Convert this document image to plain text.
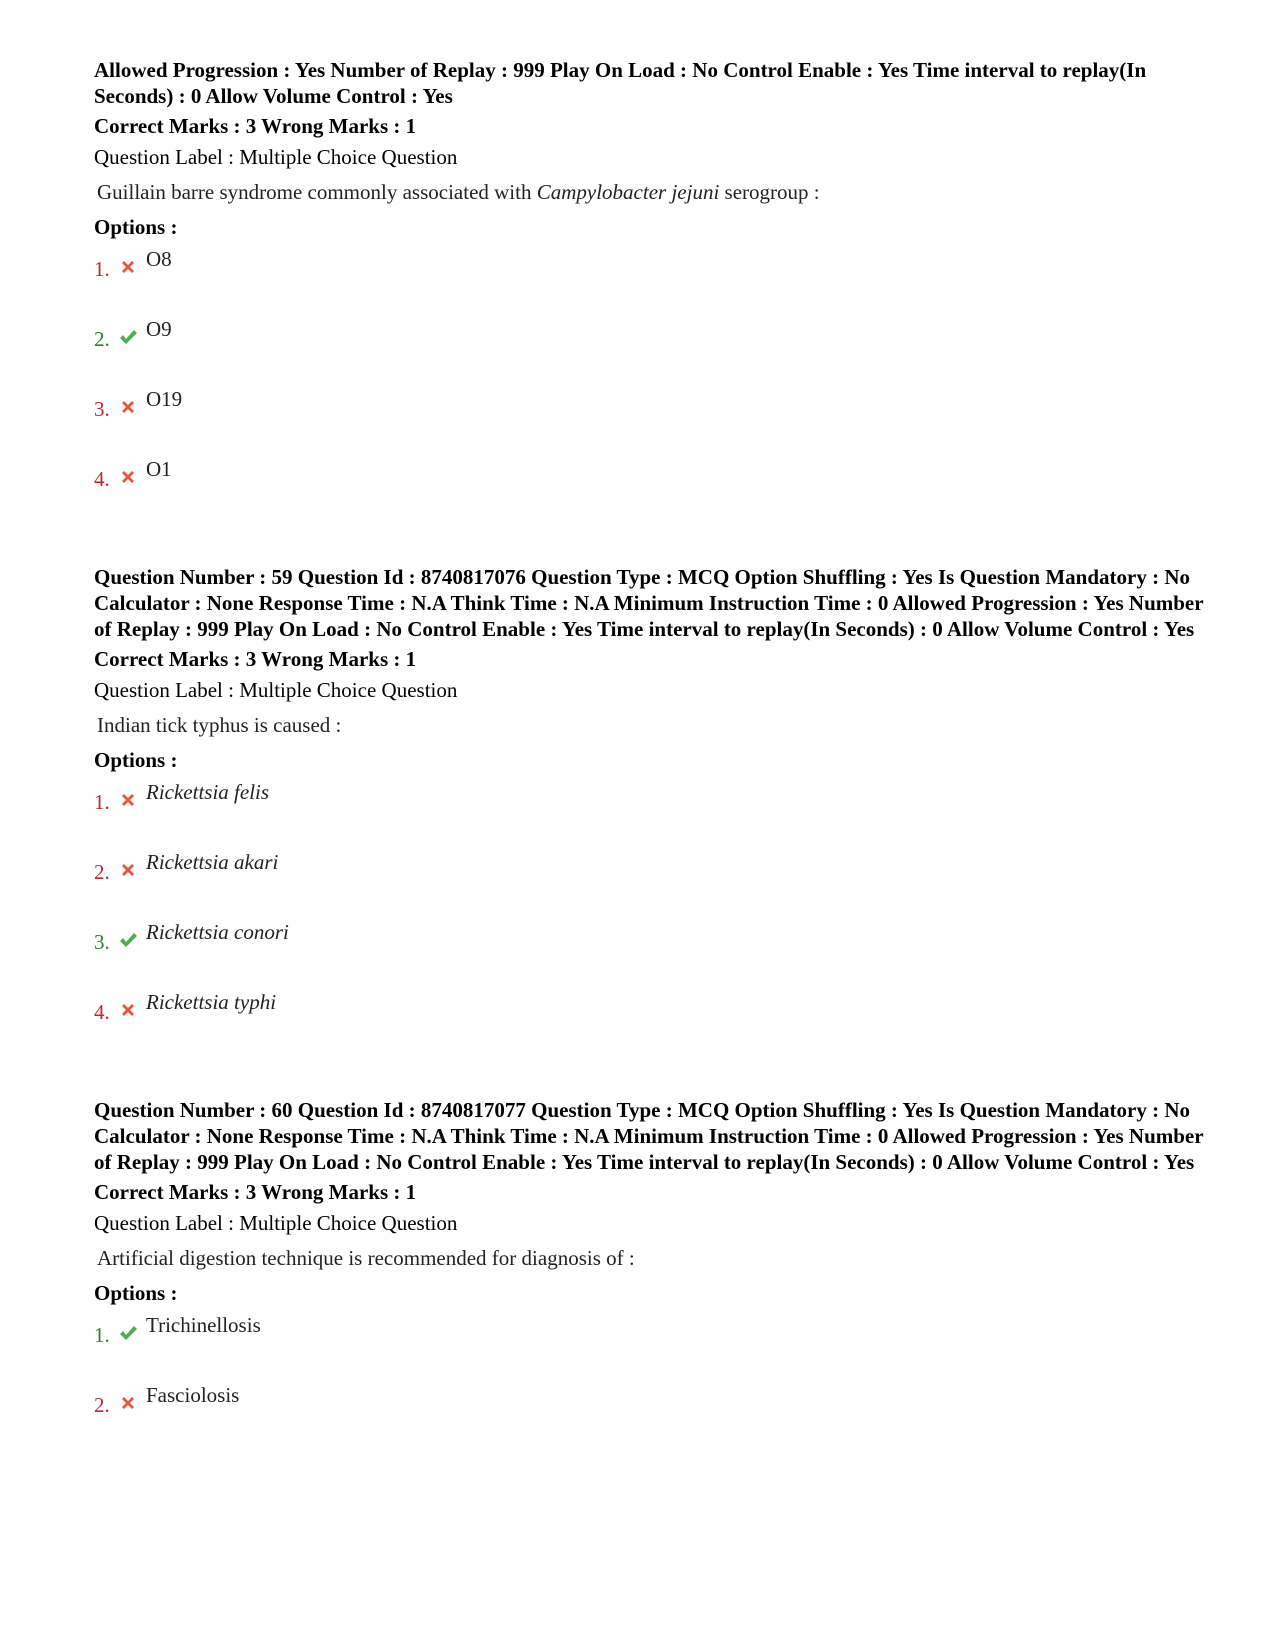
Allowed Progression : Yes Number of Replay : 999 Play On Load : No Control Enable : Yes Time interval to replay(In Seconds) : 0 Allow Volume Control : Yes

Correct Marks : 3 Wrong Marks : 1

Question Label : Multiple Choice Question

Guillain barre syndrome commonly associated with Campylobacter jejuni serogroup :

Options :

1. O8
2. O9
3. O19
4. O1

Question Number : 59 Question Id : 8740817076 Question Type : MCQ Option Shuffling : Yes Is Question Mandatory : No Calculator : None Response Time : N.A Think Time : N.A Minimum Instruction Time : 0 Allowed Progression : Yes Number of Replay : 999 Play On Load : No Control Enable : Yes Time interval to replay(In Seconds) : 0 Allow Volume Control : Yes

Correct Marks : 3 Wrong Marks : 1

Question Label : Multiple Choice Question

Indian tick typhus is caused :

Options :

1. Rickettsia felis
2. Rickettsia akari
3. Rickettsia conori
4. Rickettsia typhi

Question Number : 60 Question Id : 8740817077 Question Type : MCQ Option Shuffling : Yes Is Question Mandatory : No Calculator : None Response Time : N.A Think Time : N.A Minimum Instruction Time : 0 Allowed Progression : Yes Number of Replay : 999 Play On Load : No Control Enable : Yes Time interval to replay(In Seconds) : 0 Allow Volume Control : Yes

Correct Marks : 3 Wrong Marks : 1

Question Label : Multiple Choice Question

Artificial digestion technique is recommended for diagnosis of :

Options :

1. Trichinellosis
2. Fasciolosis
